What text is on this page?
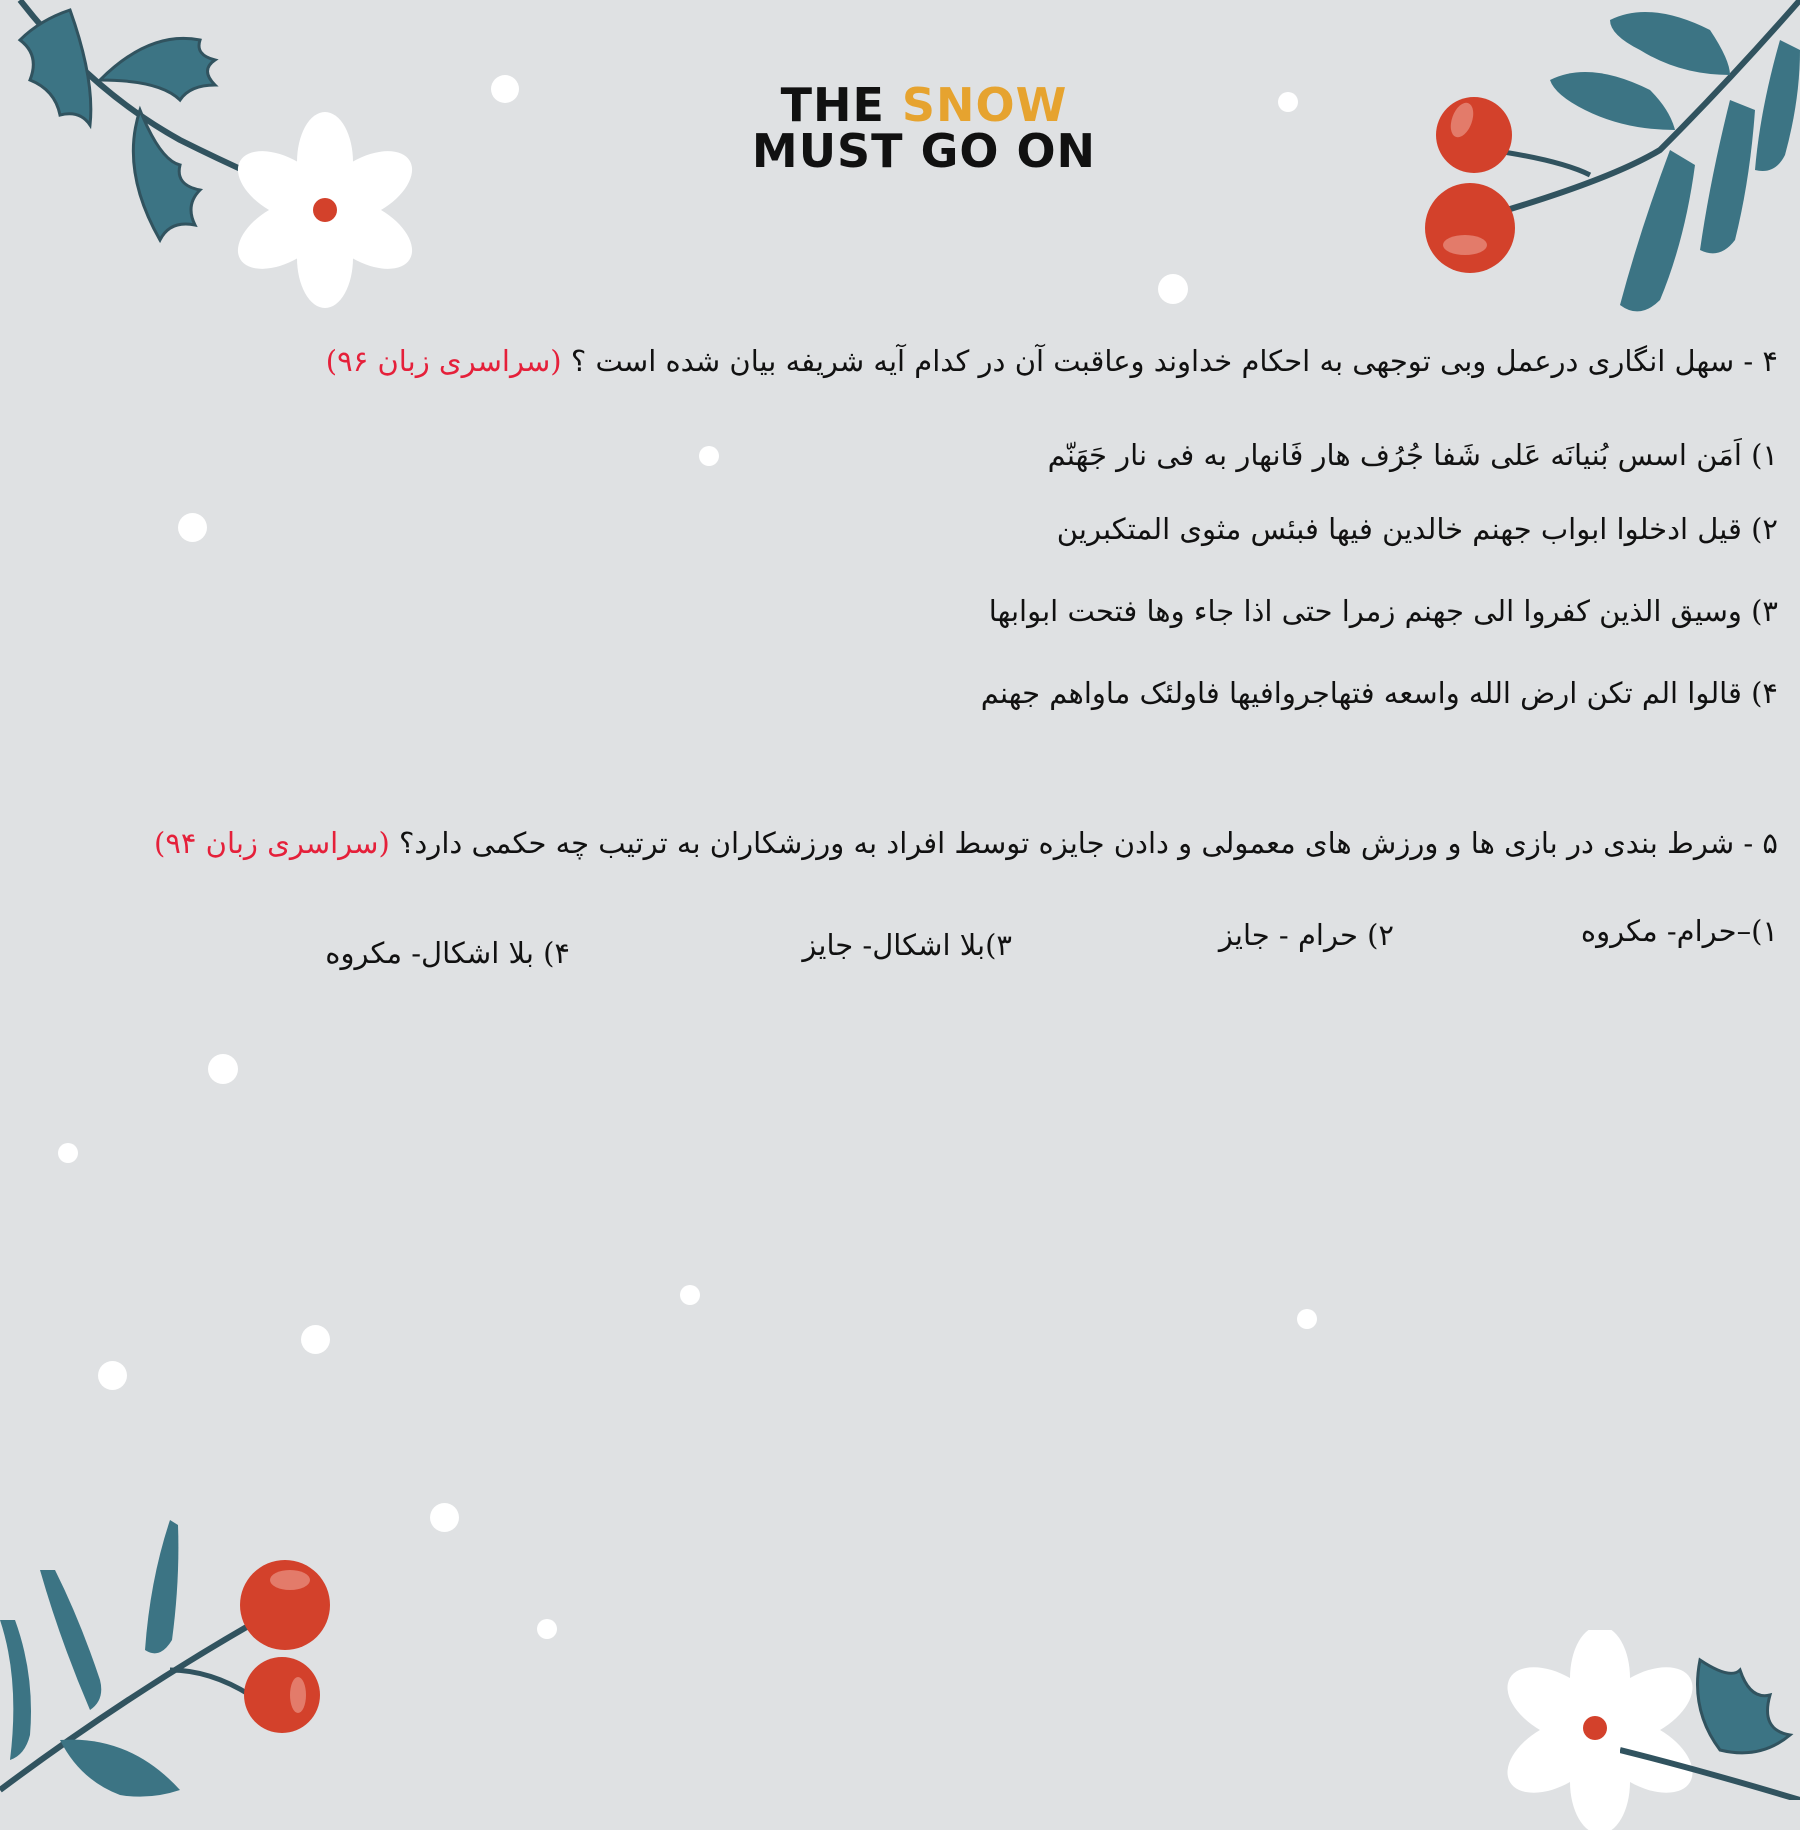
THE SNOW
MUST GO ON
۴ - سهل انگاری درعمل وبی توجهی به احکام خداوند وعاقبت آن در کدام آیه شریفه بیان شده است ؟ (سراسری زبان ۹۶)
۱) اَمَن اسس بُنیانَه عَلی شَفا جُرُف هار فَانهار به فی نار جَهَنّم
۲) قیل ادخلوا ابواب جهنم خالدین فیها فبئس مثوی المتکبرین
۳) وسیق الذین کفروا الی جهنم زمرا حتی اذا جاء وها فتحت ابوابها
۴) قالوا الم تکن ارض الله واسعه فتهاجروافیها فاولئک ماواهم جهنم
۵ - شرط بندی در بازی ها و ورزش های معمولی و دادن جایزه توسط افراد به ورزشکاران به ترتیب چه حکمی دارد؟ (سراسری زبان ۹۴)
۱)–حرام- مکروه
۲) حرام - جایز
۳)بلا اشکال- جایز
۴) بلا اشکال- مکروه
